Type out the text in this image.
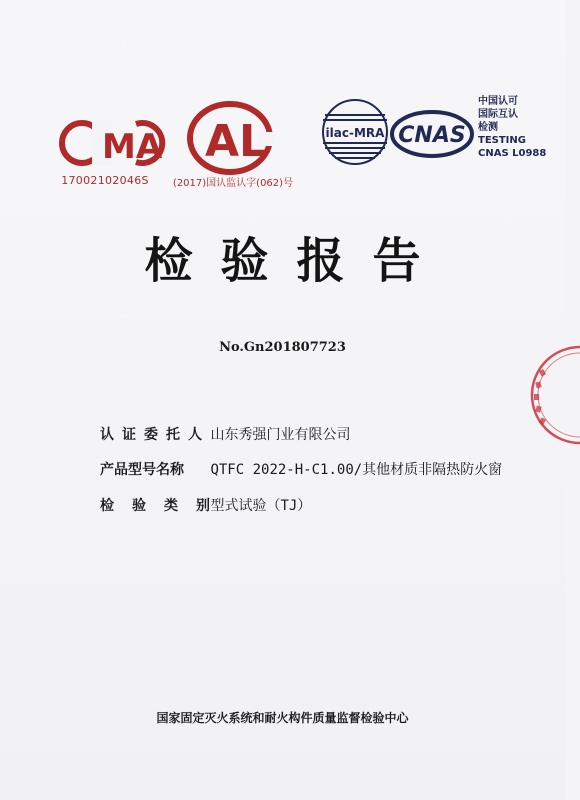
MA
17002102046S
AL
(2017)国认监认字(062)号
ilac-MRA CNAS
中国认可
国际互认
检测
TESTING
CNAS L0988
检验报告
No.Gn201807723
认证委托人 山东秀强门业有限公司
产品型号名称 QTFC 2022-H-C1.00/其他材质非隔热防火窗
检验类别 型式试验（TJ）
国家固定灭火系统和耐火构件质量监督检验中心
